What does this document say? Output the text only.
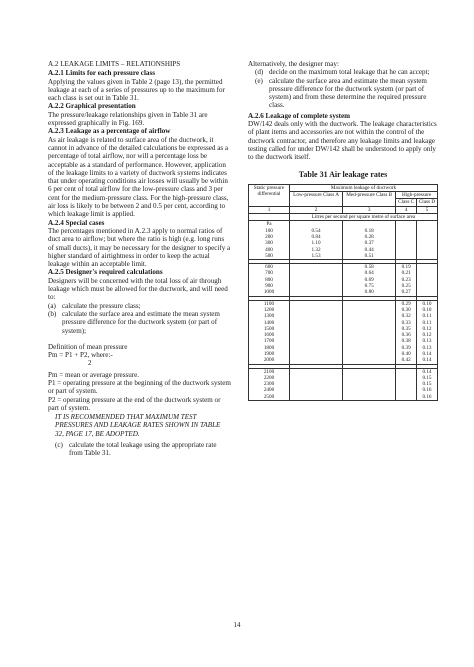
A.2 LEAKAGE LIMITS – RELATIONSHIPS
A.2.1 Limits for each pressure class

Applying the values given in Table 2 (page 13), the permitted leakage at each of a series of pressures up to the maximum for each class is set out in Table 31.

A.2.2 Graphical presentation

The pressure/leakage relationships given in Table 31 are expressed graphically in Fig. 169.

A.2.3 Leakage as a percentage of airflow

As air leakage is related to surface area of the ductwork, it cannot in advance of the detailed calculations be expressed as a percentage of total airflow, nor will a percentage loss be acceptable as a standard of performance. However, application of the leakage limits to a variety of ductwork systems indicates that under operating conditions air losses will usually be within 6 per cent of total airflow for the low-pressure class and 3 per cent for the medium-pressure class. For the high-pressure class, air loss is likely to be between 2 and 0.5 per cent, according to which leakage limit is applied.

A.2.4 Special cases

The percentages mentioned in A.2.3 apply to normal ratios of duct area to airflow; but where the ratio is high (e.g. long runs of small ducts), it may be necessary for the designer to specify a higher standard of airtightness in order to keep the actual leakage within an acceptable limit.

A.2.5 Designer's required calculations

Designers will be concerned with the total loss of air through leakage which must be allowed for the ductwork, and will need to:

(a) calculate the pressure class;
(b) calculate the surface area and estimate the mean system pressure difference for the ductwork system (or part of system);
Definition of mean pressure
Pm = P1 + P2, where:-
2

Pm = mean or average pressure.

P1 = operating pressure at the beginning of the ductwork system or part of system.

P2 = operating pressure at the end of the ductwork system or part of system.

IT IS RECOMMENDED THAT MAXIMUM TEST PRESSURES AND LEAKAGE RATES SHOWN IN TABLE 32, PAGE 17, BE ADOPTED.

(c) calculate the total leakage using the appropriate rate from Table 31.

Alternatively, the designer may:

(d) decide on the maximum total leakage that he can accept;
(e) calculate the surface area and estimate the mean system pressure difference for the ductwork system (or part of system) and from these determine the required pressure class.
A.2.6 Leakage of complete system

DW/142 deals only with the ductwork. The leakage characteristics of plant items and accessories are not within the control of the ductwork contractor, and therefore any leakage limits and leakage testing called for under DW/142 shall be understood to apply only to the ductwork itself.

Table 31 Air leakage rates
Static pressure differential	Maximum leakage of ductwork			
	Low-pressure Class A	Med-pressure Class B	High-pressure	
			Class C	Class D
1	2	3	4	5
	Litres per second per square metre of surface area			
Pa				
100	0.54	0.18		
200	0.84	0.28		
300	1.10	0.37		
400	1.32	0.44		
500	1.53	0.51		

600		0.58	0.19	
700		0.64	0.21	
800		0.69	0.23	
900		0.75	0.25	
1000		0.80	0.27	

1100			0.29	0.10
1200			0.30	0.10
1300			0.32	0.11
1400			0.33	0.11
1500			0.35	0.12
1600			0.36	0.12
1700			0.38	0.13
1800			0.39	0.13
1900			0.40	0.14
2000			0.42	0.14

2100				0.14
2200				0.15
2300				0.15
2400				0.16
2500				0.16
14
